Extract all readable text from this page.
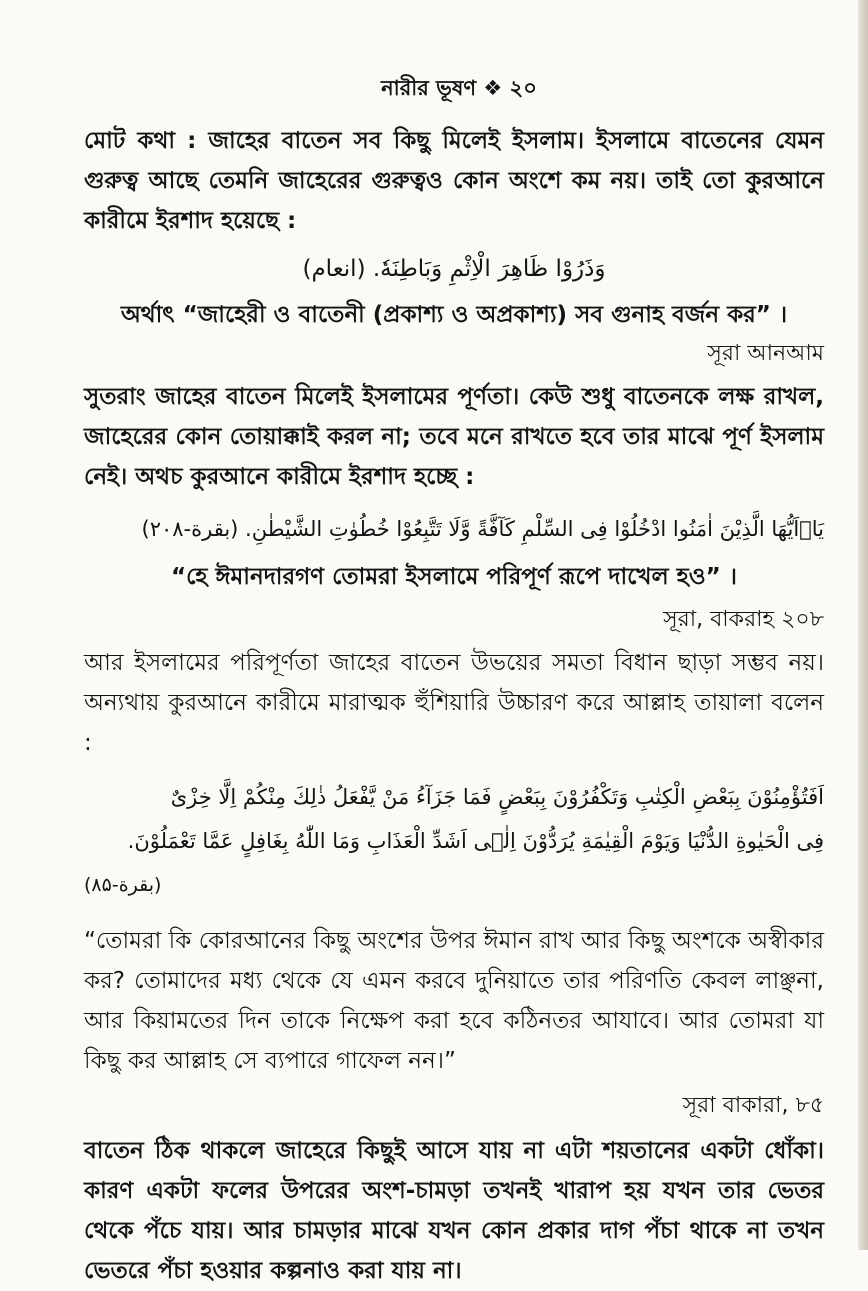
নারীর ভূষণ ❖ ২০

মোট কথা : জাহের বাতেন সব কিছু মিলেই ইসলাম। ইসলামে বাতেনের যেমন গুরুত্ব আছে তেমনি জাহেরের গুরুত্বও কোন অংশে কম নয়। তাই তো কুরআনে কারীমে ইরশাদ হয়েছে :

وَذَرُوْا ظَاهِرَ الْاِثْمِ وَبَاطِنَهٗ. (انعام)

অর্থাৎ “জাহেরী ও বাতেনী (প্রকাশ্য ও অপ্রকাশ্য) সব গুনাহ বর্জন কর” ।

সূরা আনআম

সুতরাং জাহের বাতেন মিলেই ইসলামের পূর্ণতা। কেউ শুধু বাতেনকে লক্ষ রাখল, জাহেরের কোন তোয়াক্কাই করল না; তবে মনে রাখতে হবে তার মাঝে পূর্ণ ইসলাম নেই। অথচ কুরআনে কারীমে ইরশাদ হচ্ছে :

يَاۤاَيُّهَا الَّذِيْنَ اٰمَنُوا ادْخُلُوْا فِى السِّلْمِ كَآفَّةً وَّلَا تَتَّبِعُوْا خُطُوٰتِ الشَّيْطٰنِ. (بقرة-۲۰۸)

“হে ঈমানদারগণ তোমরা ইসলামে পরিপূর্ণ রূপে দাখেল হও” ।

সূরা, বাকরাহ ২০৮

আর ইসলামের পরিপূর্ণতা জাহের বাতেন উভয়ের সমতা বিধান ছাড়া সম্ভব নয়। অন্যথায় কুরআনে কারীমে মারাত্মক হুঁশিয়ারি উচ্চারণ করে আল্লাহ তায়ালা বলেন :

اَفَتُؤْمِنُوْنَ بِبَعْضِ الْكِتٰبِ وَتَكْفُرُوْنَ بِبَعْضٍ فَمَا جَزَآءُ مَنْ يَّفْعَلُ ذٰلِكَ مِنْكُمْ اِلَّا خِزْىٌ
فِى الْحَيٰوةِ الدُّنْيَا وَيَوْمَ الْقِيٰمَةِ يُرَدُّوْنَ اِلٰۤى اَشَدِّ الْعَذَابِ وَمَا اللّٰهُ بِغَافِلٍ عَمَّا تَعْمَلُوْنَ.
(بقرة-۸۵)

“তোমরা কি কোরআনের কিছু অংশের উপর ঈমান রাখ আর কিছু অংশকে অস্বীকার কর? তোমাদের মধ্য থেকে যে এমন করবে দুনিয়াতে তার পরিণতি কেবল লাঞ্ছনা, আর কিয়ামতের দিন তাকে নিক্ষেপ করা হবে কঠিনতর আযাবে। আর তোমরা যা কিছু কর আল্লাহ সে ব্যপারে গাফেল নন।”

সূরা বাকারা, ৮৫

বাতেন ঠিক থাকলে জাহেরে কিছুই আসে যায় না এটা শয়তানের একটা ধোঁকা। কারণ একটা ফলের উপরের অংশ-চামড়া তখনই খারাপ হয় যখন তার ভেতর থেকে পঁচে যায়। আর চামড়ার মাঝে যখন কোন প্রকার দাগ পঁচা থাকে না তখন ভেতরে পঁচা হওয়ার কল্পনাও করা যায় না।
